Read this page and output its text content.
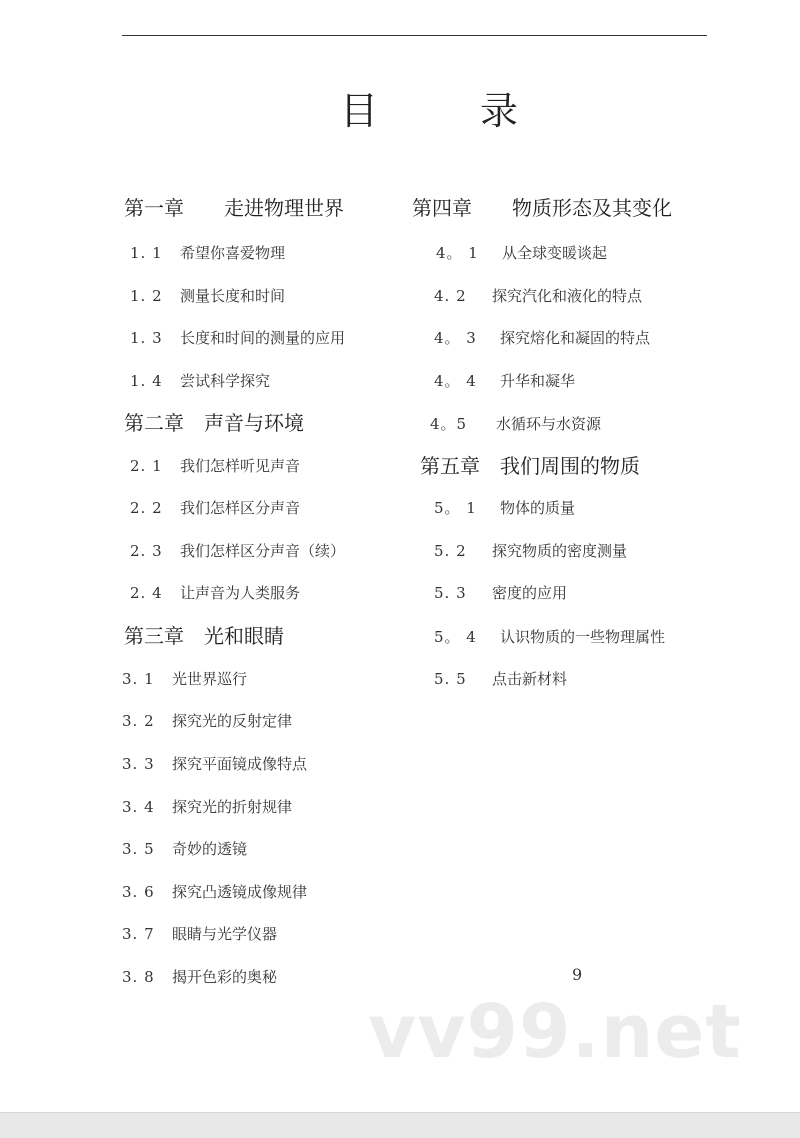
目	录
第一章 走进物理世界
1. 1 希望你喜爱物理
1. 2 测量长度和时间
1. 3 长度和时间的测量的应用
1. 4 尝试科学探究
第二章 声音与环境
2. 1 我们怎样听见声音
2. 2 我们怎样区分声音
2. 3 我们怎样区分声音（续）
2. 4 让声音为人类服务
第三章 光和眼睛
3. 1 光世界巡行
3. 2 探究光的反射定律
3. 3 探究平面镜成像特点
3. 4 探究光的折射规律
3. 5 奇妙的透镜
3. 6 探究凸透镜成像规律
3. 7 眼睛与光学仪器
3. 8 揭开色彩的奥秘
第四章 物质形态及其变化
4。 1 从全球变暖谈起
4. 2 探究汽化和液化的特点
4。 3 探究熔化和凝固的特点
4。 4 升华和凝华
4。5 水循环与水资源
第五章 我们周围的物质
5。 1 物体的质量
5. 2 探究物质的密度测量
5. 3 密度的应用
5。 4 认识物质的一些物理属性
5. 5 点击新材料
9
vv99.net
